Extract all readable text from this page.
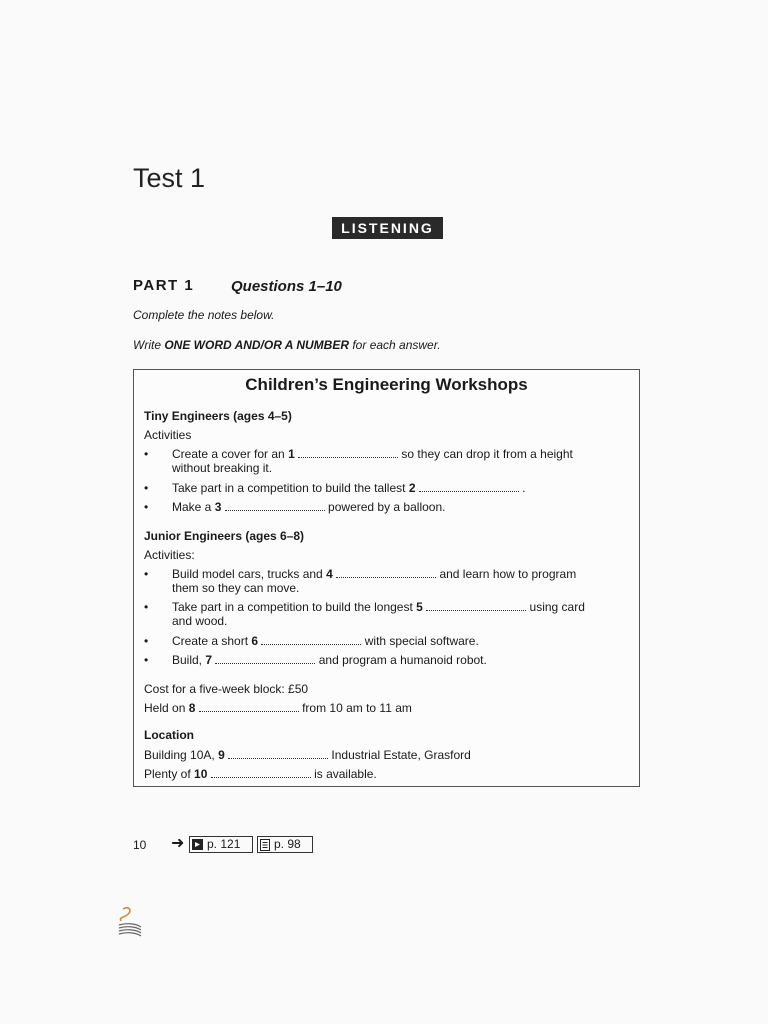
Test 1
LISTENING
PART 1 Questions 1–10
Complete the notes below.
Write ONE WORD AND/OR A NUMBER for each answer.
Children’s Engineering Workshops
Tiny Engineers (ages 4–5)
Activities
• Create a cover for an 1	so they can drop it from a height
without breaking it.
• Take part in a competition to build the tallest 2	.
• Make a 3	powered by a balloon.
Junior Engineers (ages 6–8)
Activities:
• Build model cars, trucks and 4	and learn how to program
them so they can move.
• Take part in a competition to build the longest 5	using card
and wood.
• Create a short 6	with special software.
• Build, 7	and program a humanoid robot.
Cost for a five-week block: £50
Held on 8	from 10 am to 11 am
Location
Building 10A, 9	Industrial Estate, Grasford
Plenty of 10	is available.
10 ➜ p. 121	p. 98
